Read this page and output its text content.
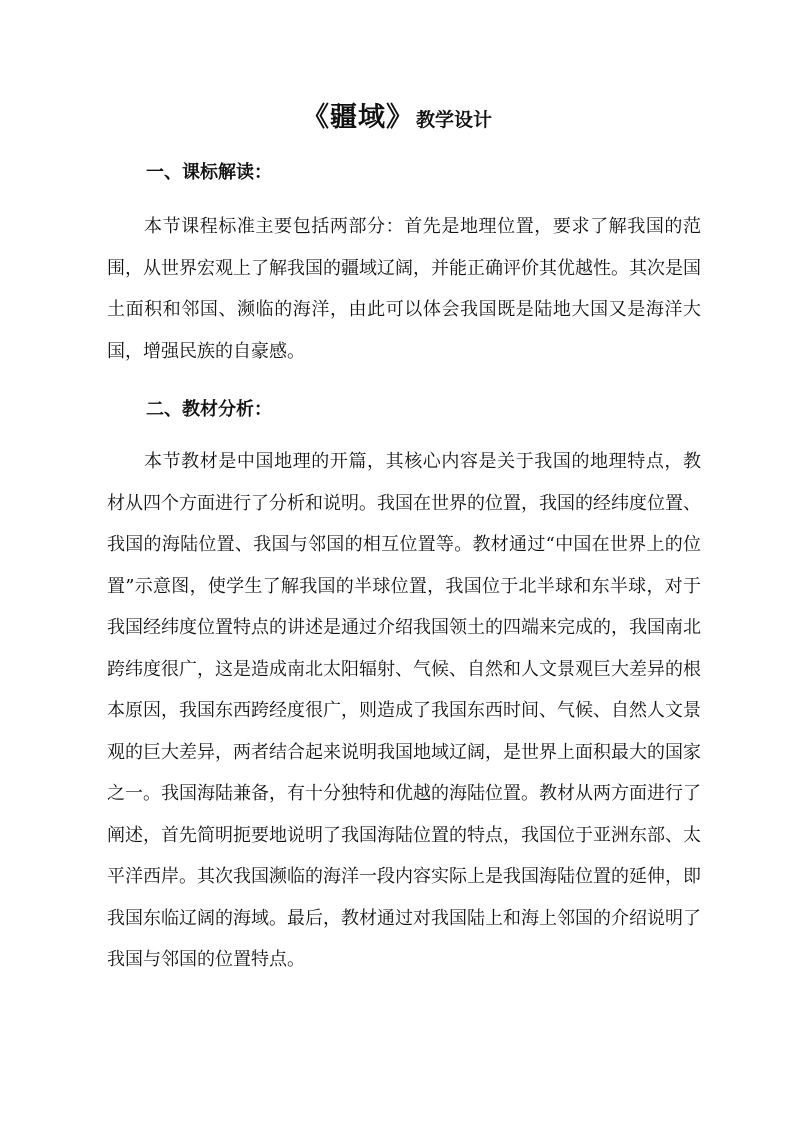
《疆域》 教学设计
一、课标解读：

本节课程标准主要包括两部分：首先是地理位置，要求了解我国的范围，从世界宏观上了解我国的疆域辽阔，并能正确评价其优越性。其次是国土面积和邻国、濒临的海洋，由此可以体会我国既是陆地大国又是海洋大国，增强民族的自豪感。

二、教材分析：

本节教材是中国地理的开篇，其核心内容是关于我国的地理特点，教材从四个方面进行了分析和说明。我国在世界的位置，我国的经纬度位置、我国的海陆位置、我国与邻国的相互位置等。教材通过“中国在世界上的位置”示意图，使学生了解我国的半球位置，我国位于北半球和东半球，对于我国经纬度位置特点的讲述是通过介绍我国领土的四端来完成的，我国南北跨纬度很广，这是造成南北太阳辐射、气候、自然和人文景观巨大差异的根本原因，我国东西跨经度很广，则造成了我国东西时间、气候、自然人文景观的巨大差异，两者结合起来说明我国地域辽阔，是世界上面积最大的国家之一。我国海陆兼备，有十分独特和优越的海陆位置。教材从两方面进行了阐述，首先简明扼要地说明了我国海陆位置的特点，我国位于亚洲东部、太平洋西岸。其次我国濒临的海洋一段内容实际上是我国海陆位置的延伸，即我国东临辽阔的海域。最后，教材通过对我国陆上和海上邻国的介绍说明了我国与邻国的位置特点。
